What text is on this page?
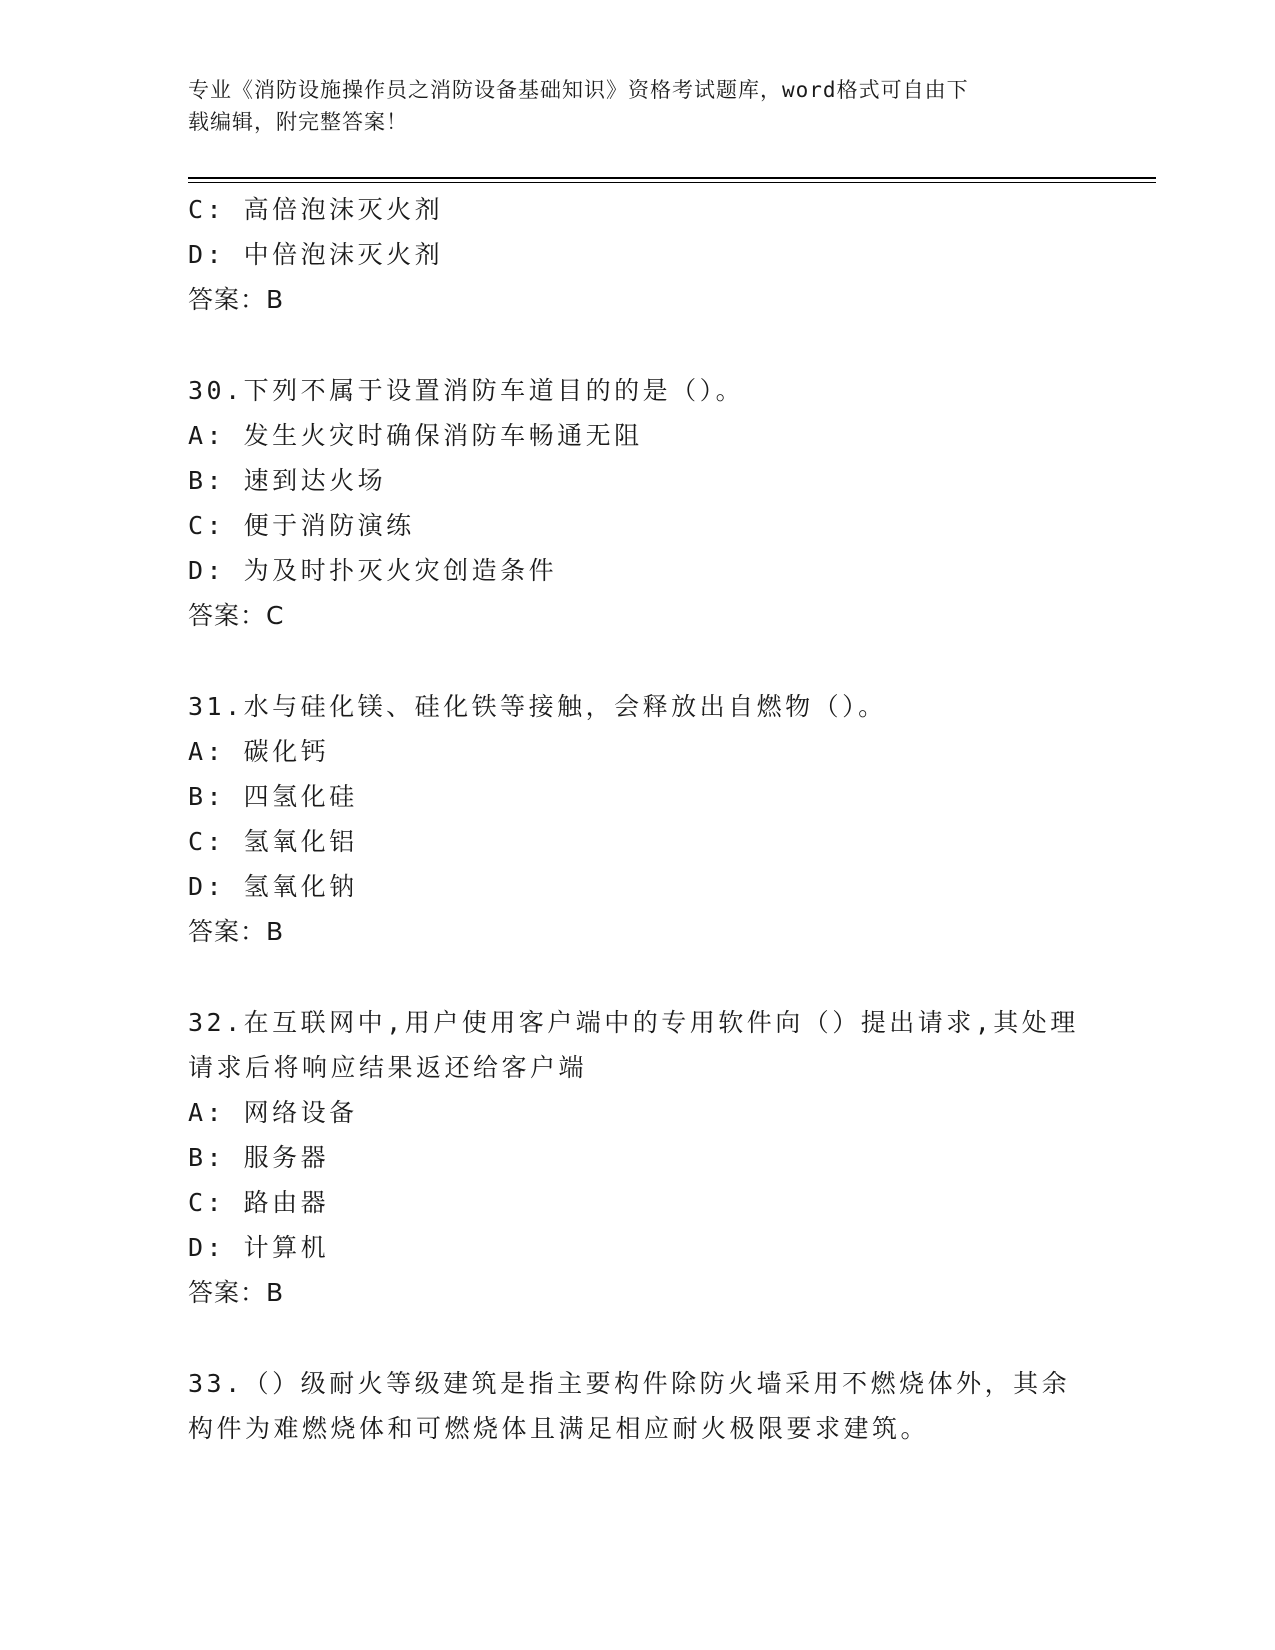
专业《消防设施操作员之消防设备基础知识》资格考试题库，word格式可自由下
载编辑，附完整答案！
C: 高倍泡沫灭火剂
D: 中倍泡沫灭火剂
答案：B
30.下列不属于设置消防车道目的的是（）。
A: 发生火灾时确保消防车畅通无阻
B: 速到达火场
C: 便于消防演练
D: 为及时扑灭火灾创造条件
答案：C
31.水与硅化镁、硅化铁等接触，会释放出自燃物（）。
A: 碳化钙
B: 四氢化硅
C: 氢氧化铝
D: 氢氧化钠
答案：B
32.在互联网中,用户使用客户端中的专用软件向（）提出请求,其处理
请求后将响应结果返还给客户端
A: 网络设备
B: 服务器
C: 路由器
D: 计算机
答案：B
33.（）级耐火等级建筑是指主要构件除防火墙采用不燃烧体外，其余
构件为难燃烧体和可燃烧体且满足相应耐火极限要求建筑。
